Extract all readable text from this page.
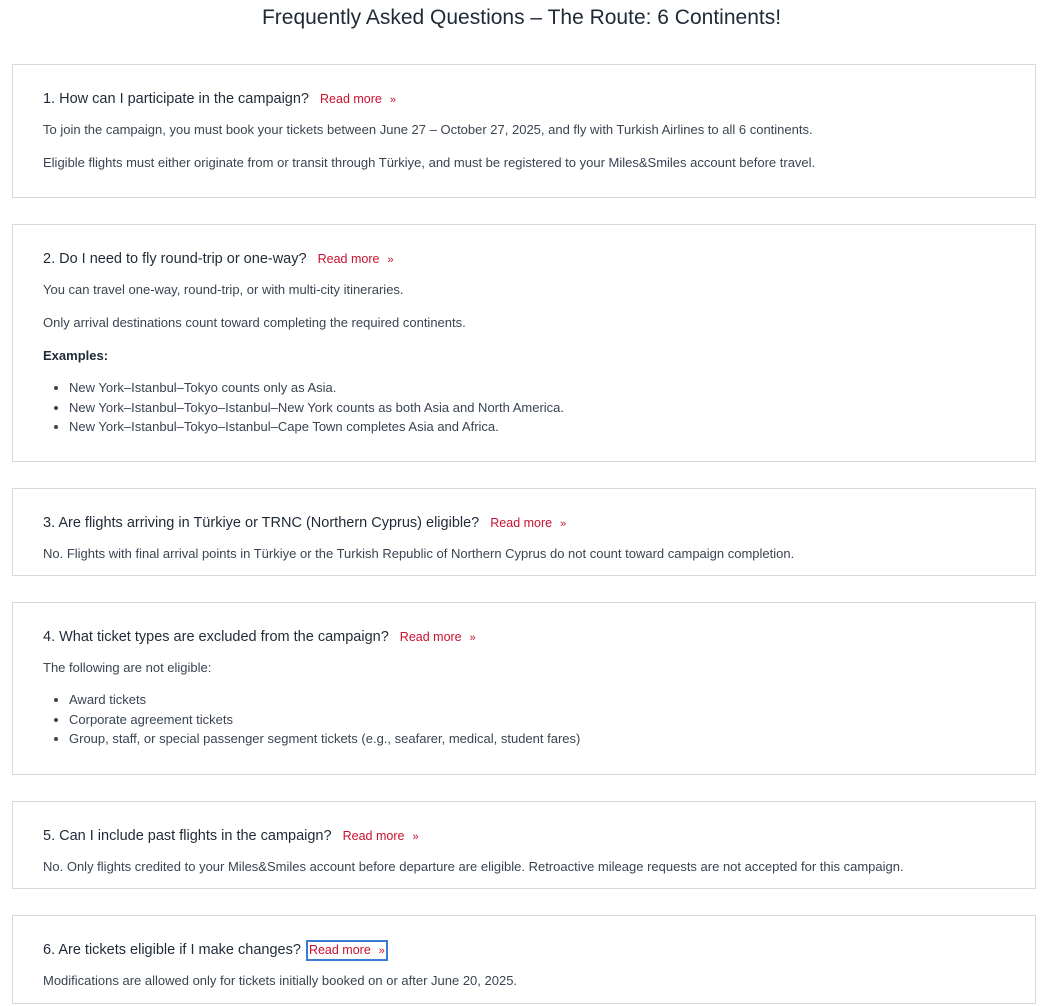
Frequently Asked Questions – The Route: 6 Continents!
1. How can I participate in the campaign? Read more »

To join the campaign, you must book your tickets between June 27 – October 27, 2025, and fly with Turkish Airlines to all 6 continents.

Eligible flights must either originate from or transit through Türkiye, and must be registered to your Miles&Smiles account before travel.

2. Do I need to fly round-trip or one-way? Read more »

You can travel one-way, round-trip, or with multi-city itineraries.

Only arrival destinations count toward completing the required continents.

Examples:

• New York–Istanbul–Tokyo counts only as Asia.
• New York–Istanbul–Tokyo–Istanbul–New York counts as both Asia and North America.
• New York–Istanbul–Tokyo–Istanbul–Cape Town completes Asia and Africa.
3. Are flights arriving in Türkiye or TRNC (Northern Cyprus) eligible? Read more »

No. Flights with final arrival points in Türkiye or the Turkish Republic of Northern Cyprus do not count toward campaign completion.

4. What ticket types are excluded from the campaign? Read more »

The following are not eligible:

• Award tickets
• Corporate agreement tickets
• Group, staff, or special passenger segment tickets (e.g., seafarer, medical, student fares)
5. Can I include past flights in the campaign? Read more »

No. Only flights credited to your Miles&Smiles account before departure are eligible. Retroactive mileage requests are not accepted for this campaign.

6. Are tickets eligible if I make changes? Read more »

Modifications are allowed only for tickets initially booked on or after June 20, 2025.
